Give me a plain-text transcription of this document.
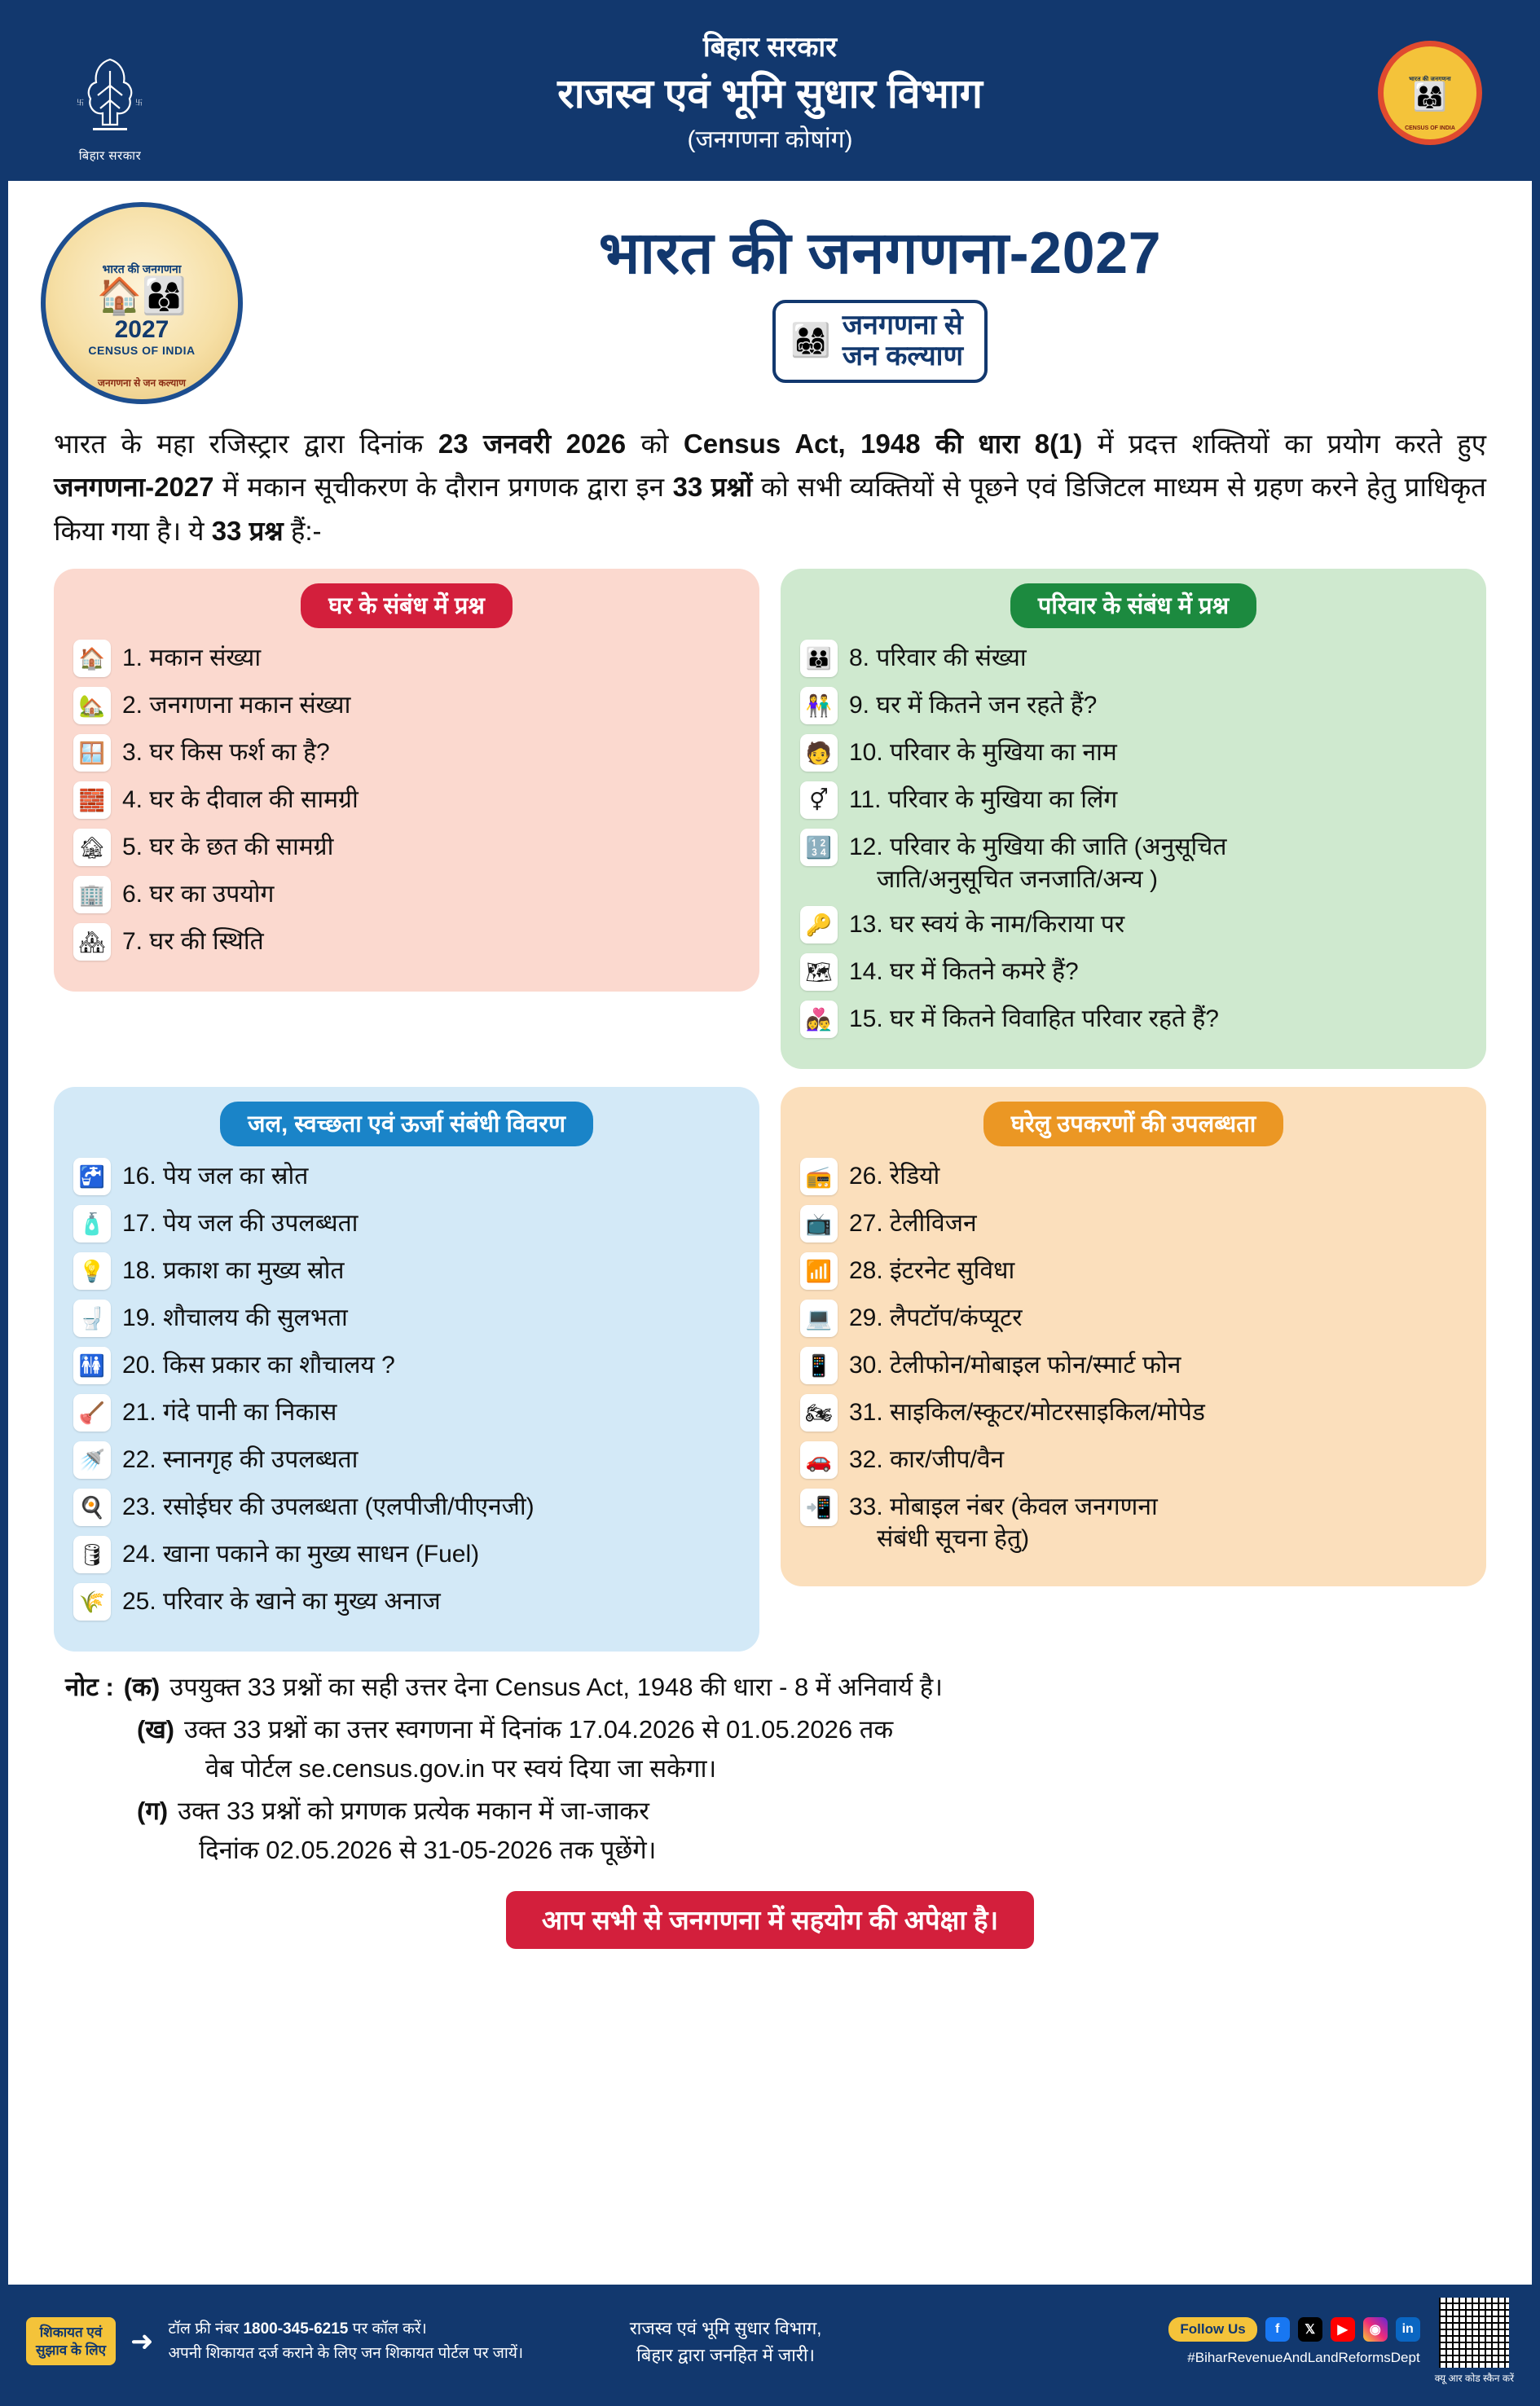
卐	卐
बिहार सरकार
बिहार सरकार
राजस्व एवं भूमि सुधार विभाग
(जनगणना कोषांग)
भारत की जनगणना
👨‍👩‍👧
CENSUS OF INDIA
भारत की जनगणना
🏠👨‍👩‍👦
2027
CENSUS OF INDIA
जनगणना से जन कल्याण
भारत की जनगणना-2027
👨‍👩‍👧‍👦 जनगणना से
जन कल्याण

भारत के महा रजिस्ट्रार द्वारा दिनांक 23 जनवरी 2026 को Census Act, 1948 की धारा 8(1) में प्रदत्त शक्तियों का प्रयोग करते हुए जनगणना-2027 में मकान सूचीकरण के दौरान प्रगणक द्वारा इन 33 प्रश्नों को सभी व्यक्तियों से पूछने एवं डिजिटल माध्यम से ग्रहण करने हेतु प्राधिकृत किया गया है। ये 33 प्रश्न हैं:-

घर के संबंध में प्रश्न
🏠 1. मकान संख्या
🏡 2. जनगणना मकान संख्या
🪟 3. घर किस फर्श का है?
🧱 4. घर के दीवाल की सामग्री
🏚 5. घर के छत की सामग्री
🏢 6. घर का उपयोग
🏘 7. घर की स्थिति
परिवार के संबंध में प्रश्न
👪 8. परिवार की संख्या
👫 9. घर में कितने जन रहते हैं?
🧑 10. परिवार के मुखिया का नाम
⚥ 11. परिवार के मुखिया का लिंग
🔢 12. परिवार के मुखिया की जाति (अनुसूचित
जाति/अनुसूचित जनजाति/अन्य )
🔑 13. घर स्वयं के नाम/किराया पर
🗺 14. घर में कितने कमरे हैं?
👩‍❤️‍👨 15. घर में कितने विवाहित परिवार रहते हैं?
जल, स्वच्छता एवं ऊर्जा संबंधी विवरण
🚰 16. पेय जल का स्रोत
🧴 17. पेय जल की उपलब्धता
💡 18. प्रकाश का मुख्य स्रोत
🚽 19. शौचालय की सुलभता
🚻 20. किस प्रकार का शौचालय ?
🪠 21. गंदे पानी का निकास
🚿 22. स्नानगृह की उपलब्धता
🍳 23. रसोईघर की उपलब्धता (एलपीजी/पीएनजी)
🛢 24. खाना पकाने का मुख्य साधन (Fuel)
🌾 25. परिवार के खाने का मुख्य अनाज
घरेलु उपकरणों की उपलब्धता
📻 26. रेडियो
📺 27. टेलीविजन
📶 28. इंटरनेट सुविधा
💻 29. लैपटॉप/कंप्यूटर
📱 30. टेलीफोन/मोबाइल फोन/स्मार्ट फोन
🏍 31. साइकिल/स्कूटर/मोटरसाइकिल/मोपेड
🚗 32. कार/जीप/वैन
📲 33. मोबाइल नंबर (केवल जनगणना
संबंधी सूचना हेतु)
नोट : (क) उपयुक्त 33 प्रश्नों का सही उत्तर देना Census Act, 1948 की धारा - 8 में अनिवार्य है।
(ख) उक्त 33 प्रश्नों का उत्तर स्वगणना में दिनांक 17.04.2026 से 01.05.2026 तक
वेब पोर्टल se.census.gov.in पर स्वयं दिया जा सकेगा।
(ग) उक्त 33 प्रश्नों को प्रगणक प्रत्येक मकान में जा-जाकर
दिनांक 02.05.2026 से 31-05-2026 तक पूछेंगे।
आप सभी से जनगणना में सहयोग की अपेक्षा है।
शिकायत एवं
सुझाव के लिए ➜ टॉल फ्री नंबर 1800-345-6215 पर कॉल करें।
अपनी शिकायत दर्ज कराने के लिए जन शिकायत पोर्टल पर जायें।
राजस्व एवं भूमि सुधार विभाग,
बिहार द्वारा जनहित में जारी।
Follow Us	f	𝕏	▶	◉	in
#BiharRevenueAndLandReformsDept
क्यू आर कोड स्कैन करें
